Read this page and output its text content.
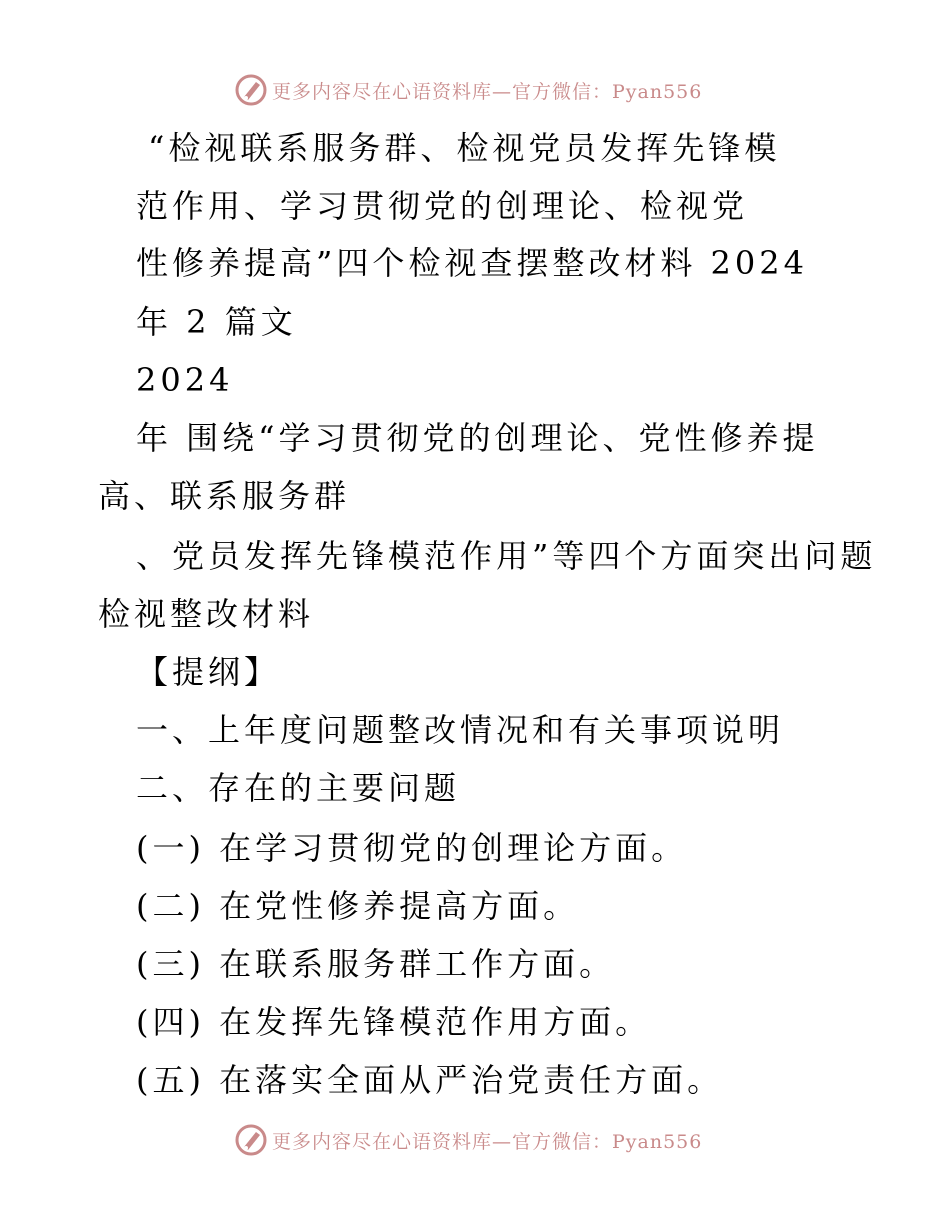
更多内容尽在心语资料库—官方微信：Pyan556
“检视联系服务群、检视党员发挥先锋模
范作用、学习贯彻党的创理论、检视党
性修养提高”四个检视查摆整改材料 2024
年 2 篇文
2024
年 围绕“学习贯彻党的创理论、党性修养提
高、联系服务群
、党员发挥先锋模范作用”等四个方面突出问题
检视整改材料
【提纲】
一、上年度问题整改情况和有关事项说明
二、存在的主要问题
(一) 在学习贯彻党的创理论方面。
(二) 在党性修养提高方面。
(三) 在联系服务群工作方面。
(四) 在发挥先锋模范作用方面。
(五) 在落实全面从严治党责任方面。
更多内容尽在心语资料库—官方微信：Pyan556
